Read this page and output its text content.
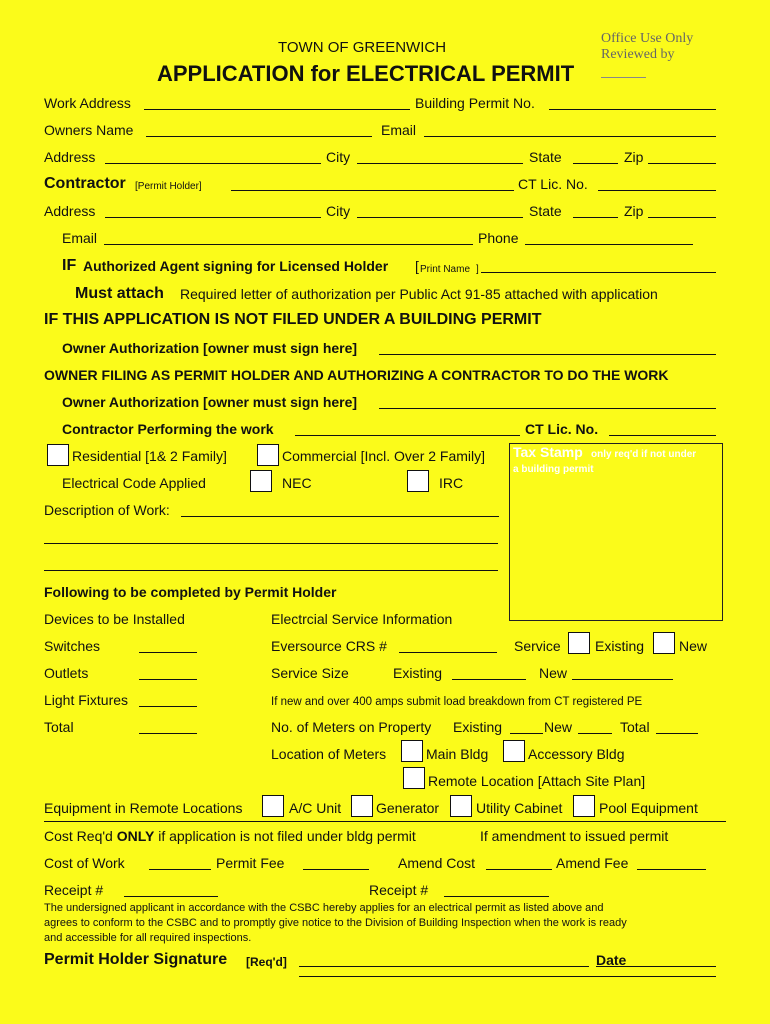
Office Use Only
Reviewed by
TOWN OF GREENWICH
APPLICATION for ELECTRICAL PERMIT
Work Address	Building Permit No.
Owners Name	Email
Address	City	State	Zip
Contractor [Permit Holder]	CT Lic. No.
Address	City	State	Zip
Email	Phone
IF Authorized Agent signing for Licensed Holder [ Print Name ]
Must attach Required letter of authorization per Public Act 91-85 attached with application
IF THIS APPLICATION IS NOT FILED UNDER A BUILDING PERMIT
Owner Authorization [owner must sign here]
OWNER FILING AS PERMIT HOLDER AND AUTHORIZING A CONTRACTOR TO DO THE WORK
Owner Authorization [owner must sign here]
Contractor Performing the work	CT Lic. No.
Residential [1& 2 Family]	Commercial [Incl. Over 2 Family]
Electrical Code Applied	NEC	IRC
Description of Work:
Tax Stamp only req'd if not under
a building permit
Following to be completed by Permit Holder
Devices to be Installed	Electrcial Service Information
Switches	Eversource CRS #	Service Existing New
Outlets	Service Size	Existing	New
Light Fixtures	If new and over 400 amps submit load breakdown from CT registered PE
Total	No. of Meters on Property Existing	New	Total
Location of Meters	Main Bldg	Accessory Bldg
Remote Location [Attach Site Plan]
Equipment in Remote Locations	A/C Unit Generator	Utility Cabinet	Pool Equipment
Cost Req'd ONLY if application is not filed under bldg permit	If amendment to issued permit
Cost of Work	Permit Fee	Amend Cost	Amend Fee
Receipt #	Receipt #
The undersigned applicant in accordance with the CSBC hereby applies for an electrical permit as listed above and
agrees to conform to the CSBC and to promptly give notice to the Division of Building Inspection when the work is ready
and accessible for all required inspections.
Permit Holder Signature [Req'd]	Date
